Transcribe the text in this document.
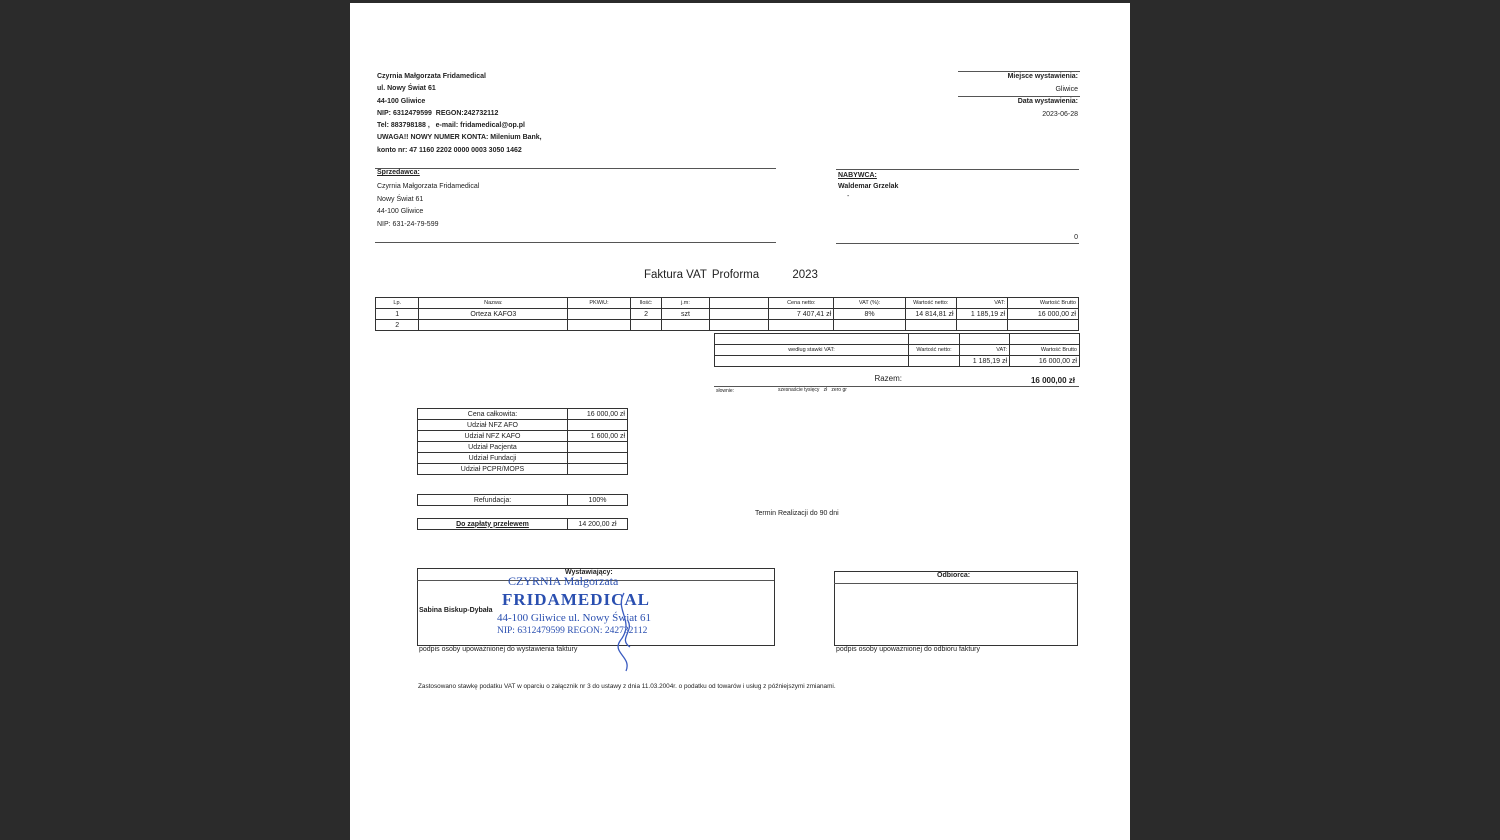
Czyrnia Małgorzata Fridamedical
ul. Nowy Świat 61
44-100 Gliwice
NIP: 6312479599  REGON:242732112
Tel: 883798188 ,   e-mail: fridamedical@op.pl
UWAGA!! NOWY NUMER KONTA: Milenium Bank,
konto nr: 47 1160 2202 0000 0003 3050 1462
Miejsce wystawienia:
Gliwice
Data wystawienia:
2023-06-28
Sprzedawca:
Czyrnia Małgorzata Fridamedical
Nowy Świat 61
44-100 Gliwice
NIP: 631-24-79-599
NABYWCA:
Waldemar Grzelak
-
0
Faktura VAT Proforma	2023
Lp.	Nazwa:	PKWiU:	Ilość:	j.m:		Cena netto:	VAT (%):	Wartość netto:	VAT:	Wartość Brutto
1	Orteza KAFO3		2	szt		7 407,41 zł	8%	14 814,81 zł	1 185,19 zł	16 000,00 zł
2										

według stawki VAT:	Wartość netto:	VAT:	Wartość Brutto
		1 185,19 zł	16 000,00 zł
Razem:	16 000,00 zł
słownie:	szesnaście tysięcy   zł   zero gr
Cena całkowita:	16 000,00 zł
Udział NFZ AFO	
Udział NFZ KAFO	1 600,00 zł
Udział Pacjenta	
Udział Fundacji	
Udział PCPR/MOPS	
Refundacja:	100%
Do zapłaty przelewem	14 200,00 zł
Termin Realizacji do 90 dni
Wystawiający:
Sabina Biskup-Dybała
podpis osoby upoważnionej do wystawienia faktury
CZYRNIA Małgorzata
FRIDAMEDICAL
44-100 Gliwice ul. Nowy Świat 61
NIP: 6312479599 REGON: 242732112
Odbiorca:
podpis osoby upoważnionej do odbioru faktury
Zastosowano stawkę podatku VAT w oparciu o załącznik nr 3 do ustawy z dnia 11.03.2004r. o podatku od towarów i usług z późniejszymi zmianami.
